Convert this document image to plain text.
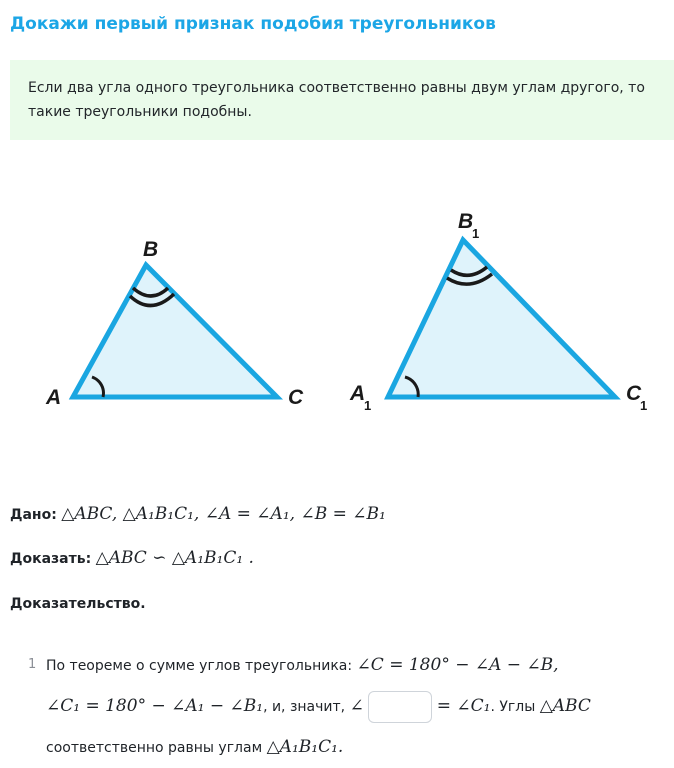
Докажи первый признак подобия треугольников
Если два угла одного треугольника соответственно равны двум углам другого, то такие треугольники подобны.
A
B
C A
1
B
1
C
1
Дано: △ABC, △A₁B₁C₁, ∠A = ∠A₁, ∠B = ∠B₁
Доказать: △ABC ∽ △A₁B₁C₁ .
Доказательство.
1 По теореме о сумме углов треугольника: ∠C = 180° − ∠A − ∠B,
∠C₁ = 180° − ∠A₁ − ∠B₁, и, значит, ∠	= ∠C₁. Углы △ABC
соответственно равны углам △A₁B₁C₁.
